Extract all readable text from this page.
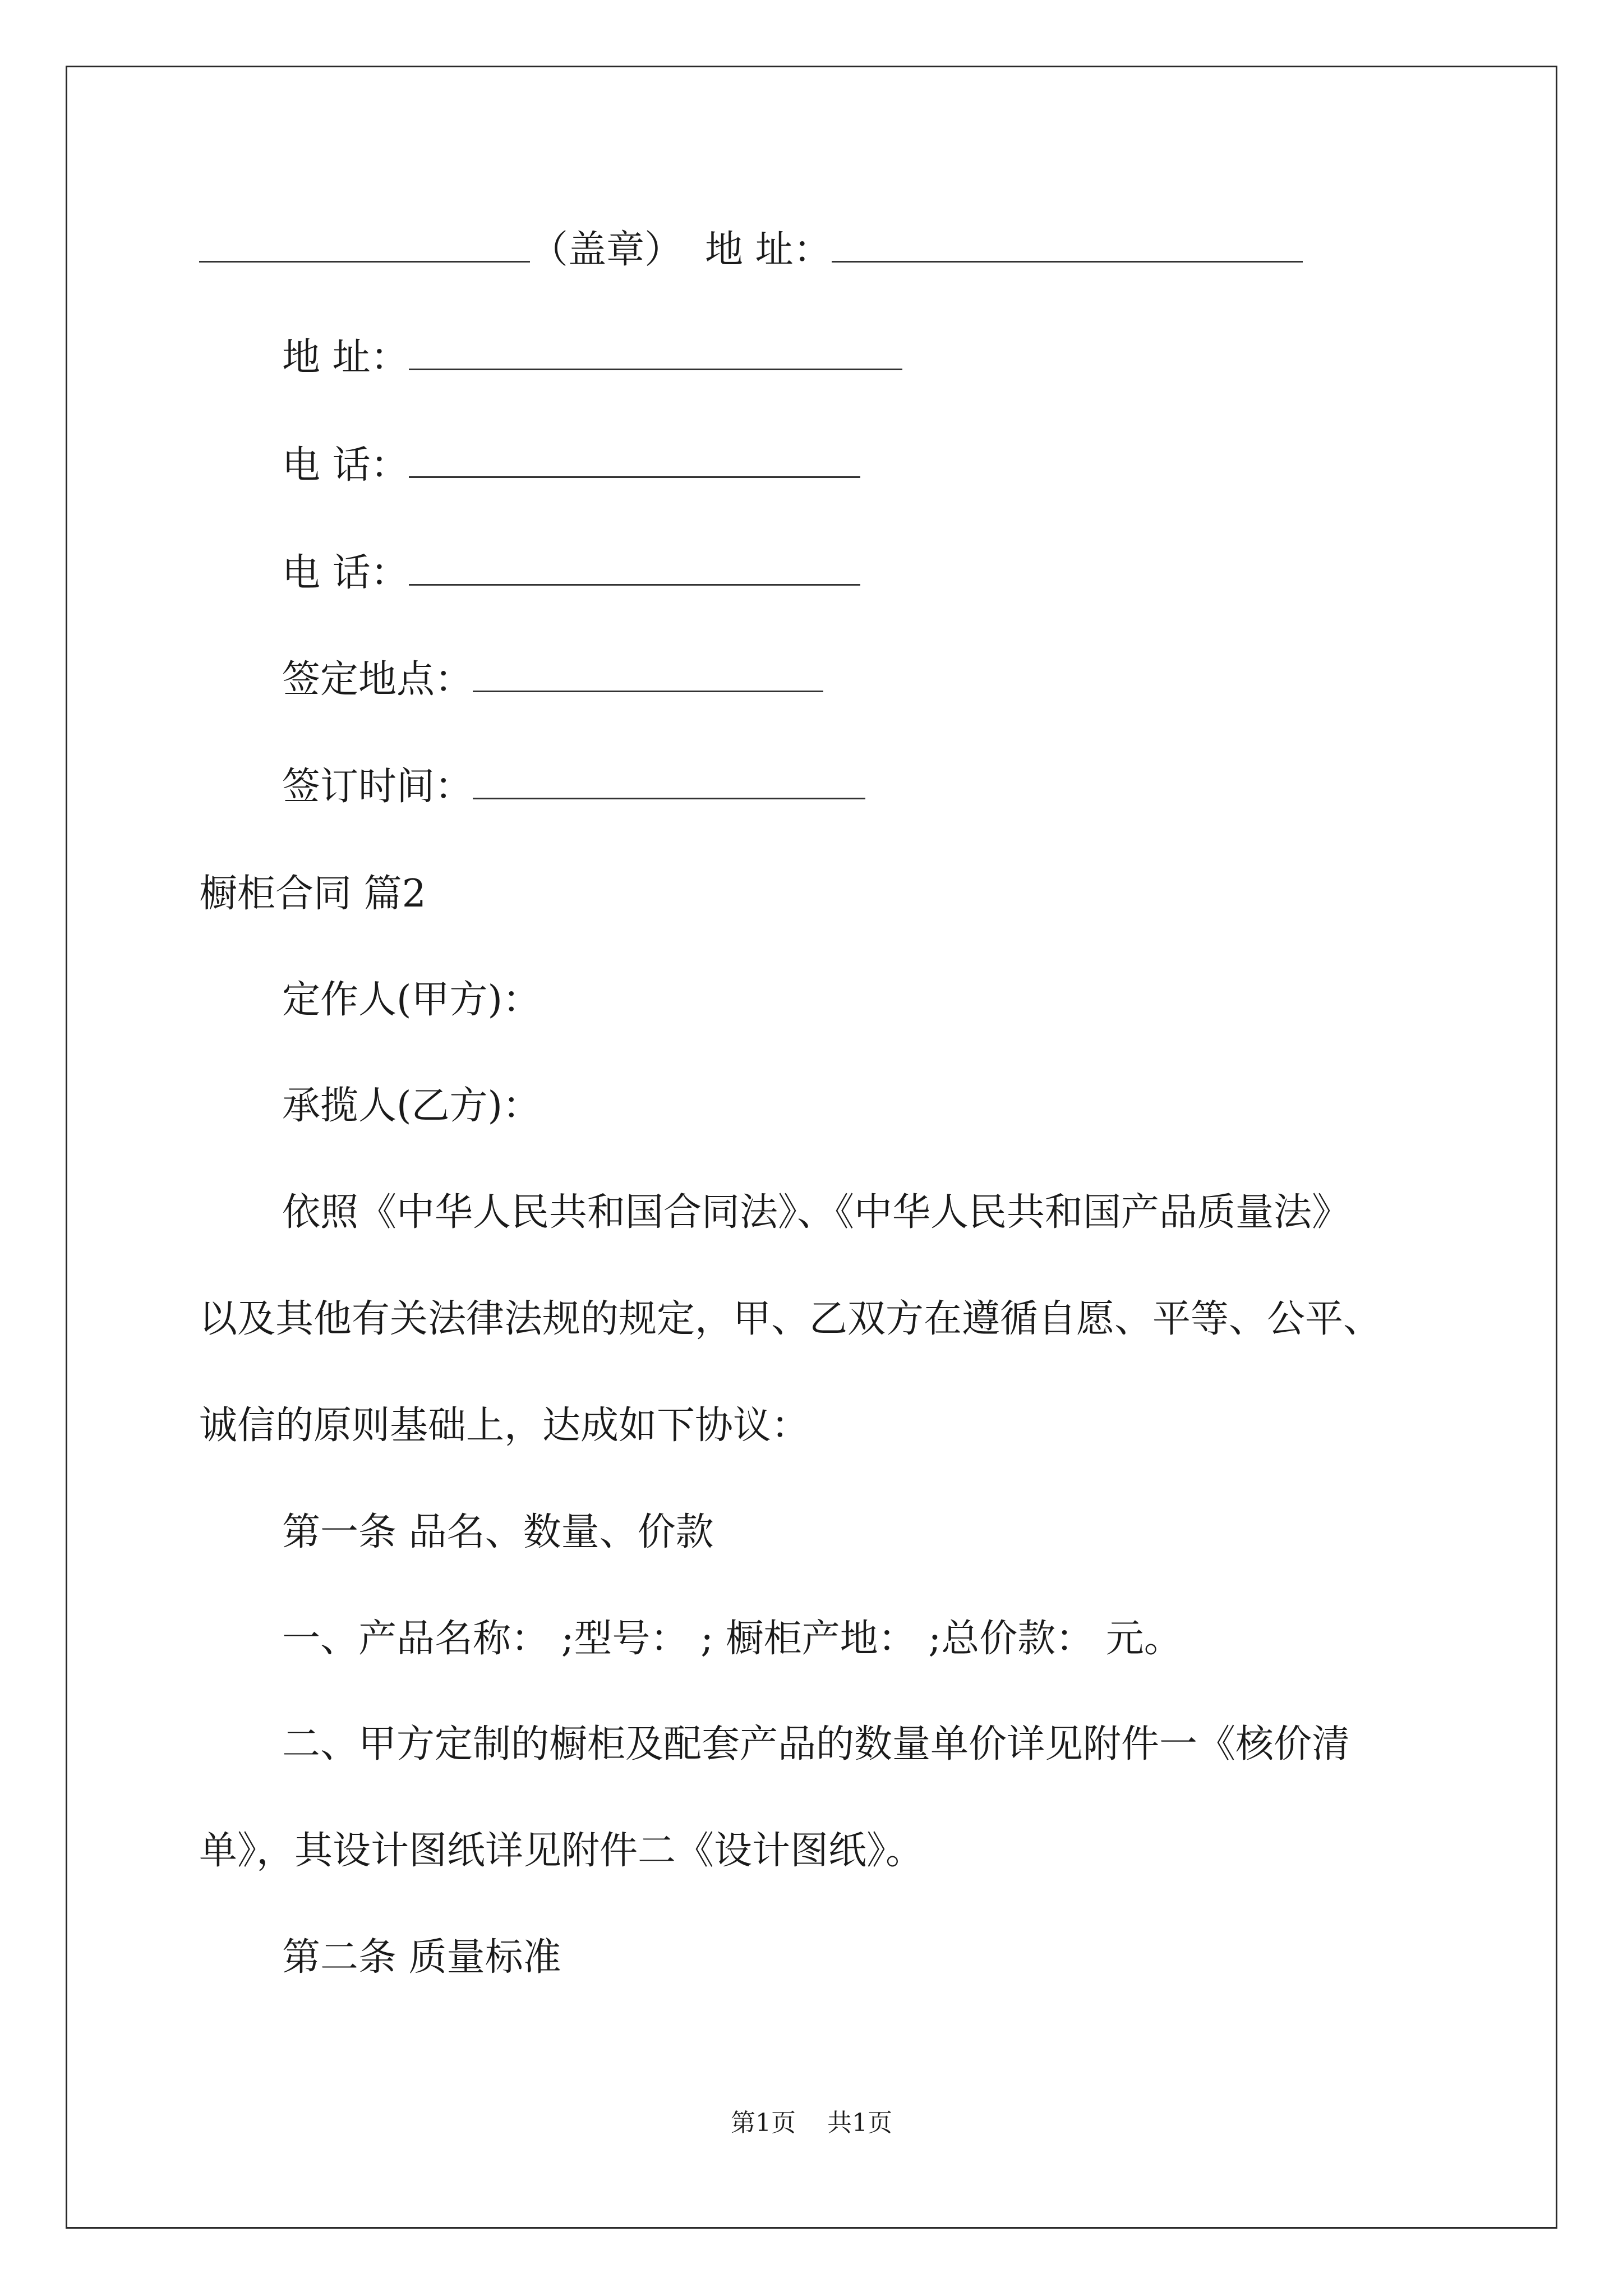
（盖章） 地 址：
地 址：
电 话：
电 话：
签定地点：
签订时间：
橱柜合同 篇2
定作人(甲方)：
承揽人(乙方)：
依照《中华人民共和国合同法》、《中华人民共和国产品质量法》
以及其他有关法律法规的规定，甲、乙双方在遵循自愿、平等、公平、
诚信的原则基础上，达成如下协议：
第一条 品名、数量、价款
一、产品名称： ;型号： ; 橱柜产地： ;总价款： 元。
二、甲方定制的橱柜及配套产品的数量单价详见附件一《核价清
单》，其设计图纸详见附件二《设计图纸》。
第二条 质量标准
第1页 共1页
